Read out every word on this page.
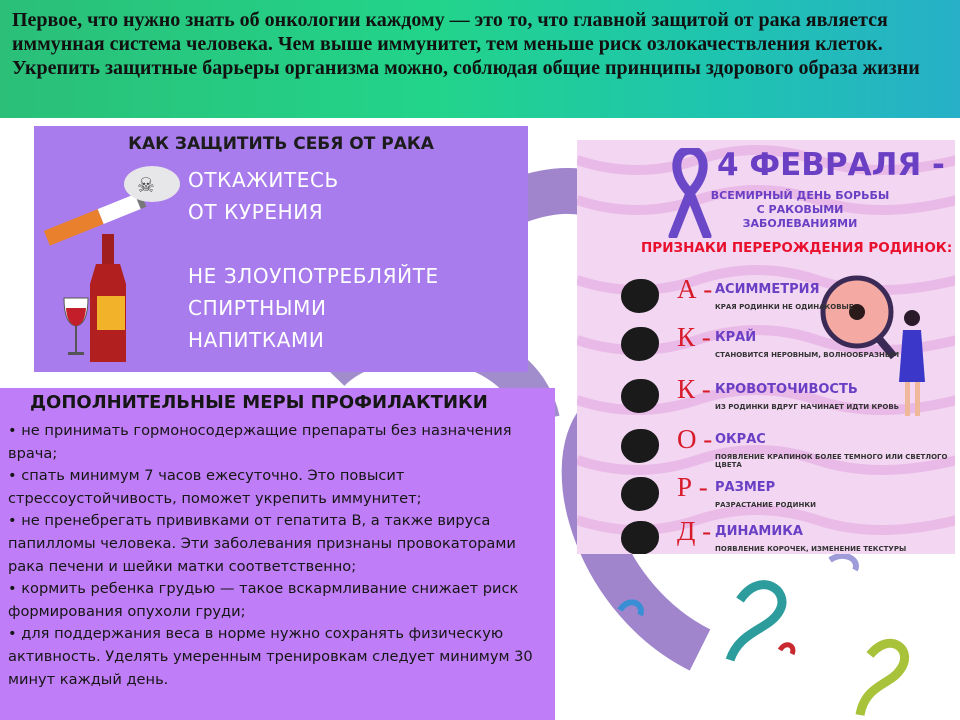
Первое, что нужно знать об онкологии каждому — это то, что главной защитой от рака является иммунная система человека. Чем выше иммунитет, тем меньше риск озлокачествления клеток. Укрепить защитные барьеры организма можно, соблюдая общие принципы здорового образа жизни

КАК ЗАЩИТИТЬ СЕБЯ ОТ РАКА

☠ ОТКАЖИТЕСЬ

ОТ КУРЕНИЯ

НЕ ЗЛОУПОТРЕБЛЯЙТЕ

СПИРТНЫМИ

НАПИТКАМИ

4 ФЕВРАЛЯ -

ВСЕМИРНЫЙ ДЕНЬ БОРЬБЫ С РАКОВЫМИ ЗАБОЛЕВАНИЯМИ

ПРИЗНАКИ ПЕРЕРОЖДЕНИЯ РОДИНОК:

А - АСИММЕТРИЯ

КРАЯ РОДИНКИ НЕ ОДИНАКОВЫЕ

К - КРАЙ

СТАНОВИТСЯ НЕРОВНЫМ, ВОЛНООБРАЗНЫМ

К - КРОВОТОЧИВОСТЬ

ИЗ РОДИНКИ ВДРУГ НАЧИНАЕТ ИДТИ КРОВЬ

О - ОКРАС

ПОЯВЛЕНИЕ КРАПИНОК БОЛЕЕ ТЕМНОГО ИЛИ СВЕТЛОГО ЦВЕТА

Р - РАЗМЕР

РАЗРАСТАНИЕ РОДИНКИ

Д - ДИНАМИКА

ПОЯВЛЕНИЕ КОРОЧЕК, ИЗМЕНЕНИЕ ТЕКСТУРЫ

ДОПОЛНИТЕЛЬНЫЕ МЕРЫ ПРОФИЛАКТИКИ

• не принимать гормоносодержащие препараты без назначения врача;
• спать минимум 7 часов ежесуточно. Это повысит стрессоустойчивость, поможет укрепить иммунитет;
• не пренебрегать прививками от гепатита B, а также вируса папилломы человека. Эти заболевания признаны провокаторами рака печени и шейки матки соответственно;
• кормить ребенка грудью — такое вскармливание снижает риск формирования опухоли груди;
• для поддержания веса в норме нужно сохранять физическую активность. Уделять умеренным тренировкам следует минимум 30 минут каждый день.
